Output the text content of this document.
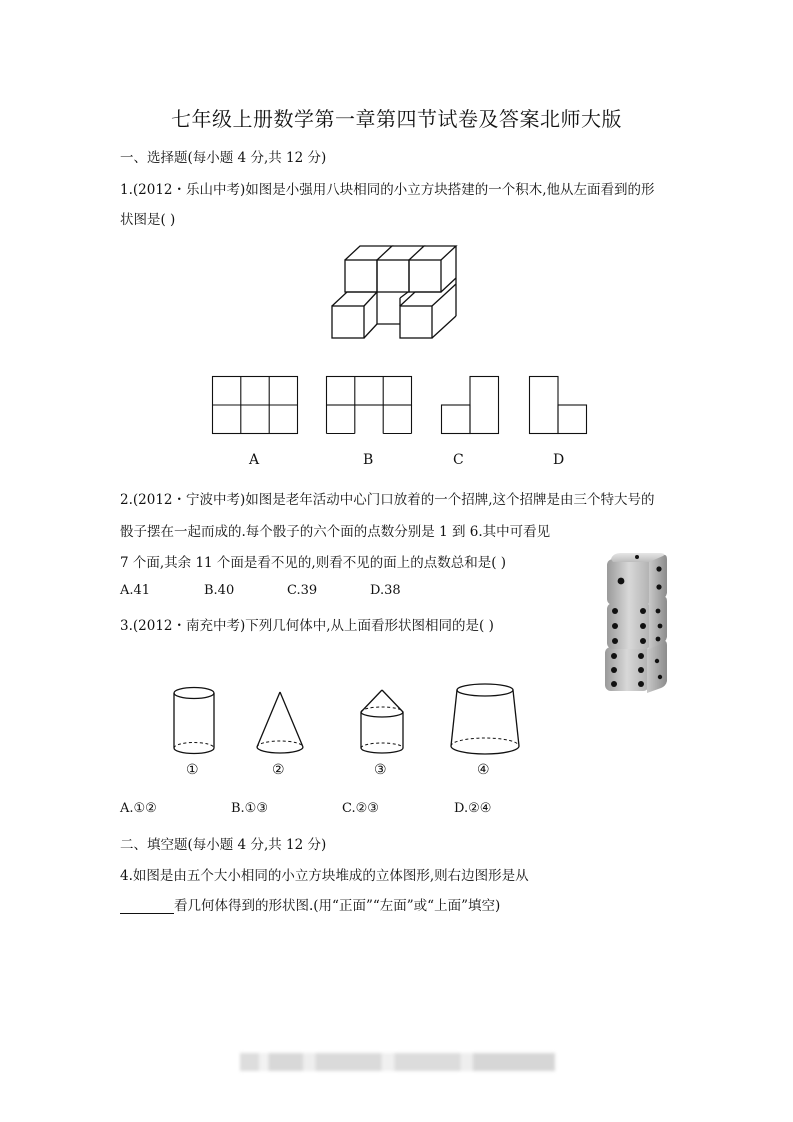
七年级上册数学第一章第四节试卷及答案北师大版
一、选择题(每小题 4 分,共 12 分)
1.(2012・乐山中考)如图是小强用八块相同的小立方块搭建的一个积木,他从左面看到的形
状图是( )
A	B	C	D
2.(2012・宁波中考)如图是老年活动中心门口放着的一个招牌,这个招牌是由三个特大号的
骰子摆在一起而成的.每个骰子的六个面的点数分别是 1 到 6.其中可看见
7 个面,其余 11 个面是看不见的,则看不见的面上的点数总和是( )
A.41	B.40	C.39	D.38
3.(2012・南充中考)下列几何体中,从上面看形状图相同的是( )
①	②	③	④
A.①②	B.①③	C.②③	D.②④
二、填空题(每小题 4 分,共 12 分)
4.如图是由五个大小相同的小立方块堆成的立体图形,则右边图形是从
看几何体得到的形状图.(用“正面”“左面”或“上面”填空)
